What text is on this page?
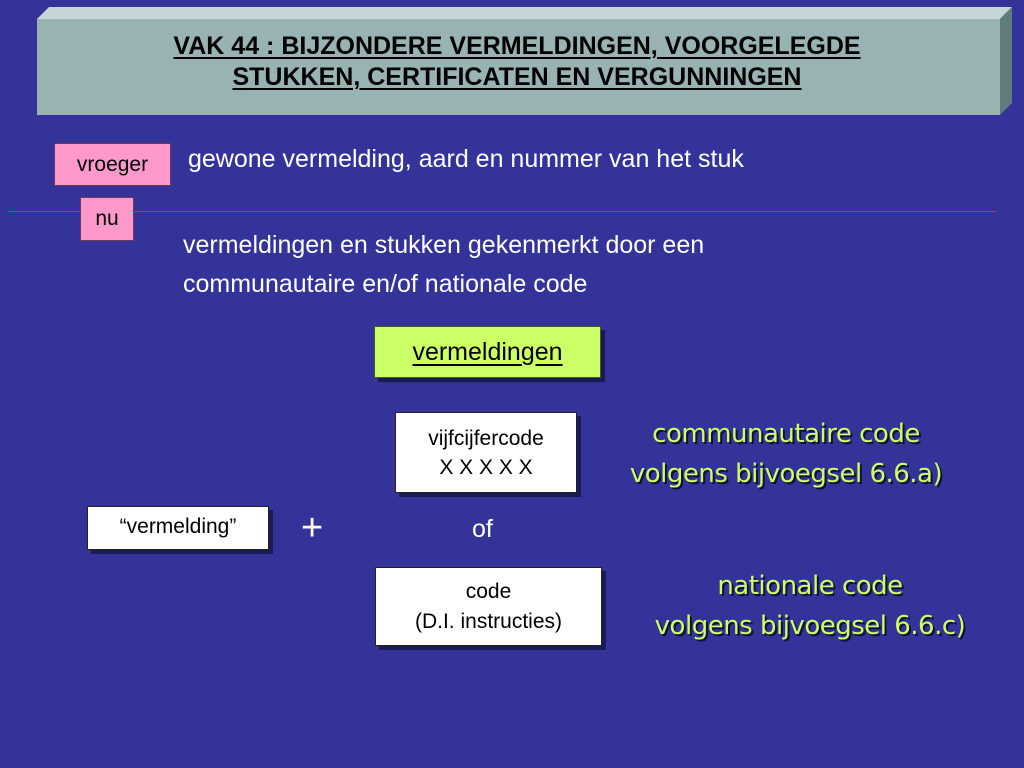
VAK 44 : BIJZONDERE VERMELDINGEN, VOORGELEGDE
STUKKEN, CERTIFICATEN EN VERGUNNINGEN
vroeger	gewone vermelding, aard en nummer van het stuk
nu
vermeldingen en stukken gekenmerkt door een
communautaire en/of nationale code
vermeldingen
vijfcijfercode
X X X X X
communautaire code
volgens bijvoegsel 6.6.a)
“vermelding”	+	of
code
(D.I. instructies)
nationale code
volgens bijvoegsel 6.6.c)
